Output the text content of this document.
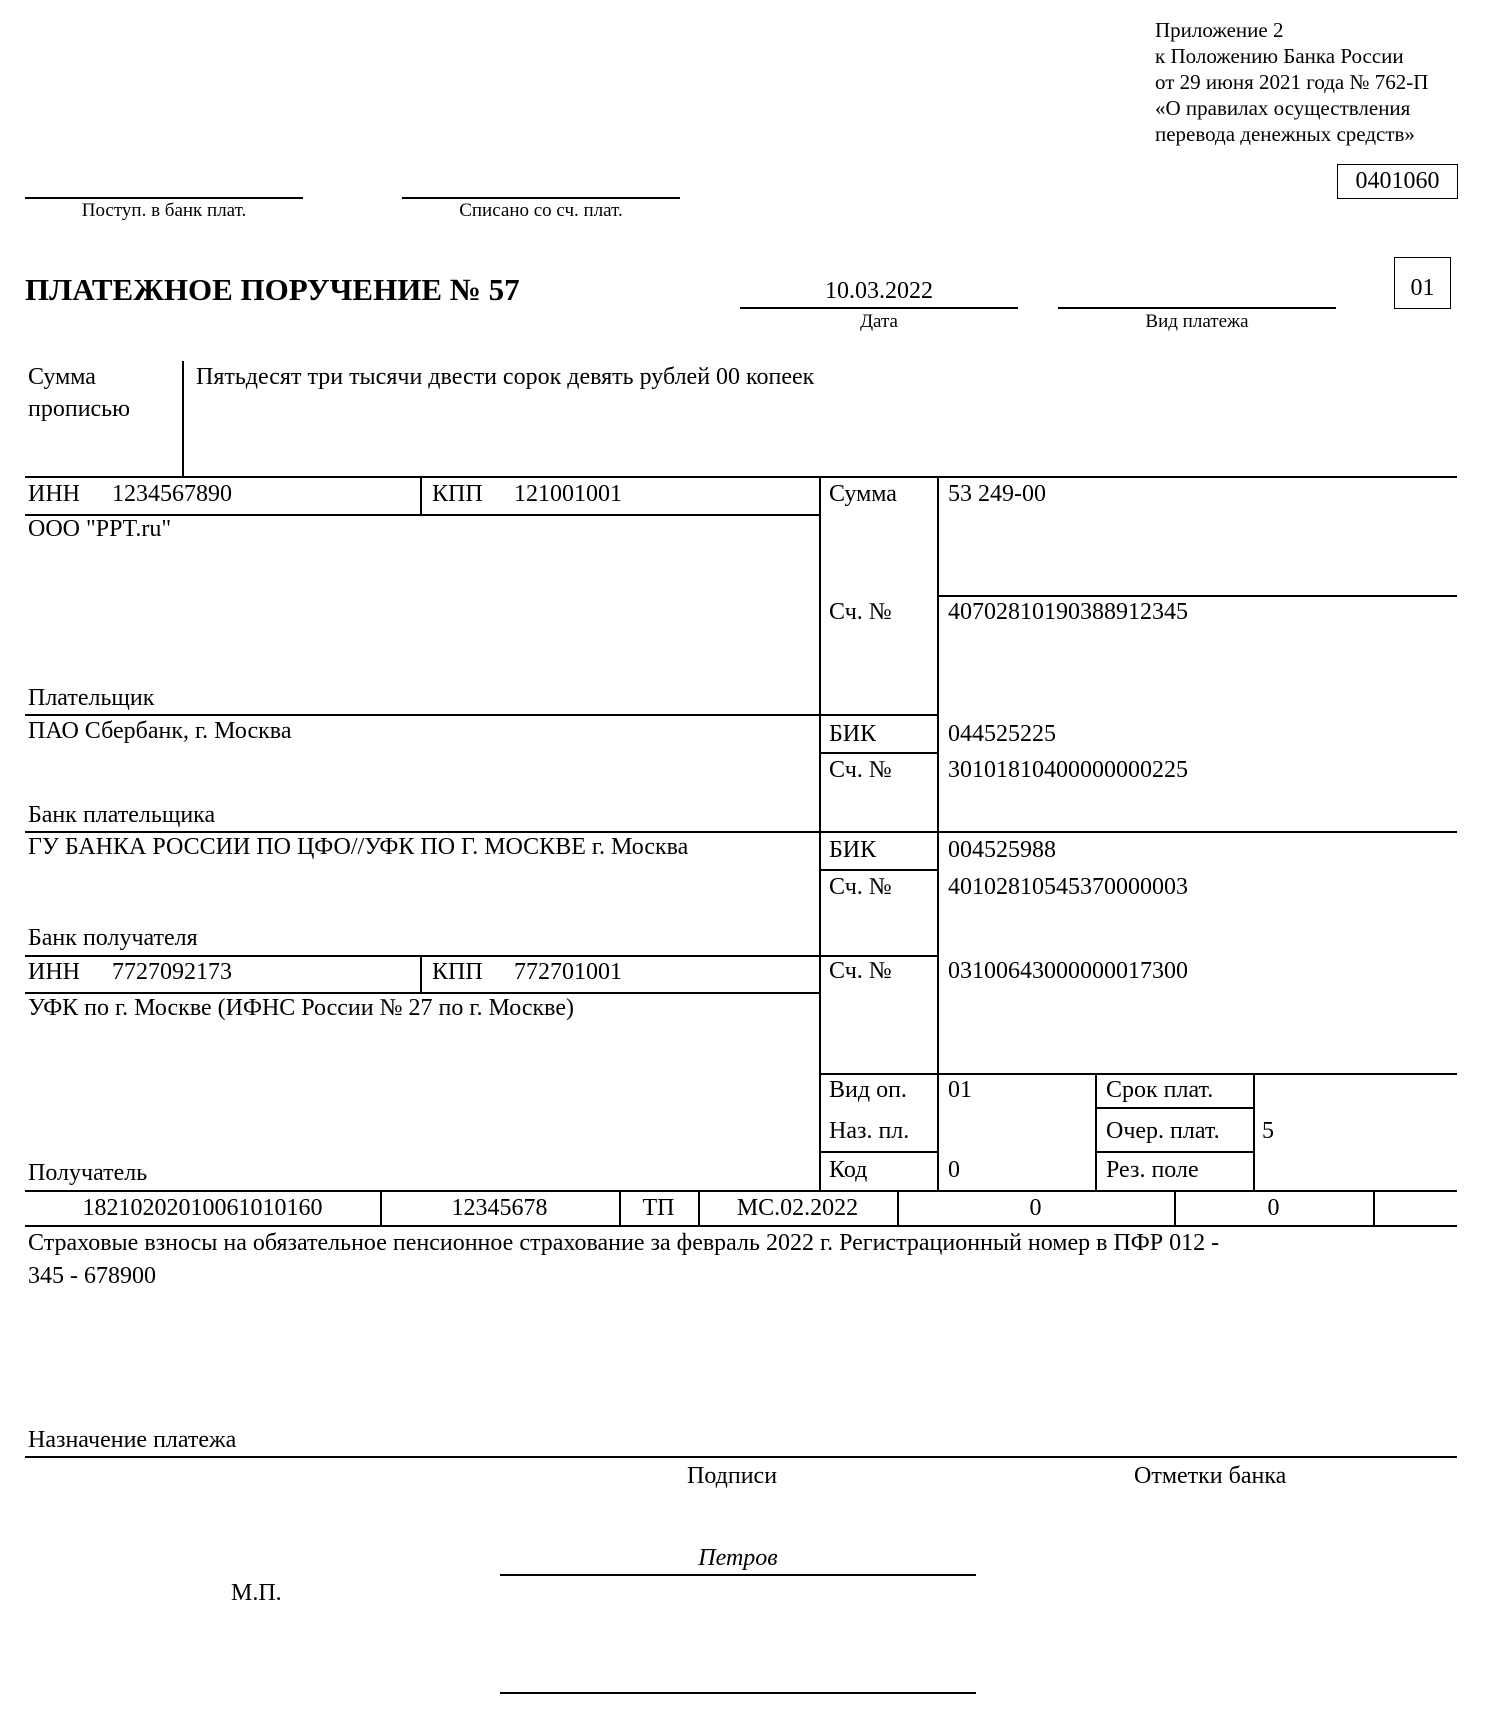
Приложение 2
к Положению Банка России
от 29 июня 2021 года № 762-П
«О правилах осуществления
перевода денежных средств»
0401060
Поступ. в банк плат.	Списано со сч. плат.
ПЛАТЕЖНОЕ ПОРУЧЕНИЕ № 57	10.03.2022
Дата	Вид платежа
01
Сумма
прописью
Пятьдесят три тысячи двести сорок девять рублей 00 копеек
ИНН 1234567890	КПП 121001001
ООО "PPT.ru"
Плательщик
Сумма 53 249-00
Сч. № 40702810190388912345
ПАО Сбербанк, г. Москва
Банк плательщика
БИК	044525225
Сч. № 30101810400000000225
ГУ БАНКА РОССИИ ПО ЦФО//УФК ПО Г. МОСКВЕ г. Москва
Банк получателя
БИК	004525988
Сч. № 40102810545370000003
ИНН 7727092173	КПП 772701001
УФК по г. Москве (ИФНС России № 27 по г. Москве)
Получатель
Сч. № 03100643000000017300
Вид оп. 01
Наз. пл.
Код	0
Срок плат.
Очер. плат. 5
Рез. поле
18210202010061010160	12345678	ТП	МС.02.2022	0	0
Страховые взносы на обязательное пенсионное страхование за февраль 2022 г. Регистрационный номер в ПФР 012 -
345 - 678900
Назначение платежа
Подписи	Отметки банка
М.П.
Петров
